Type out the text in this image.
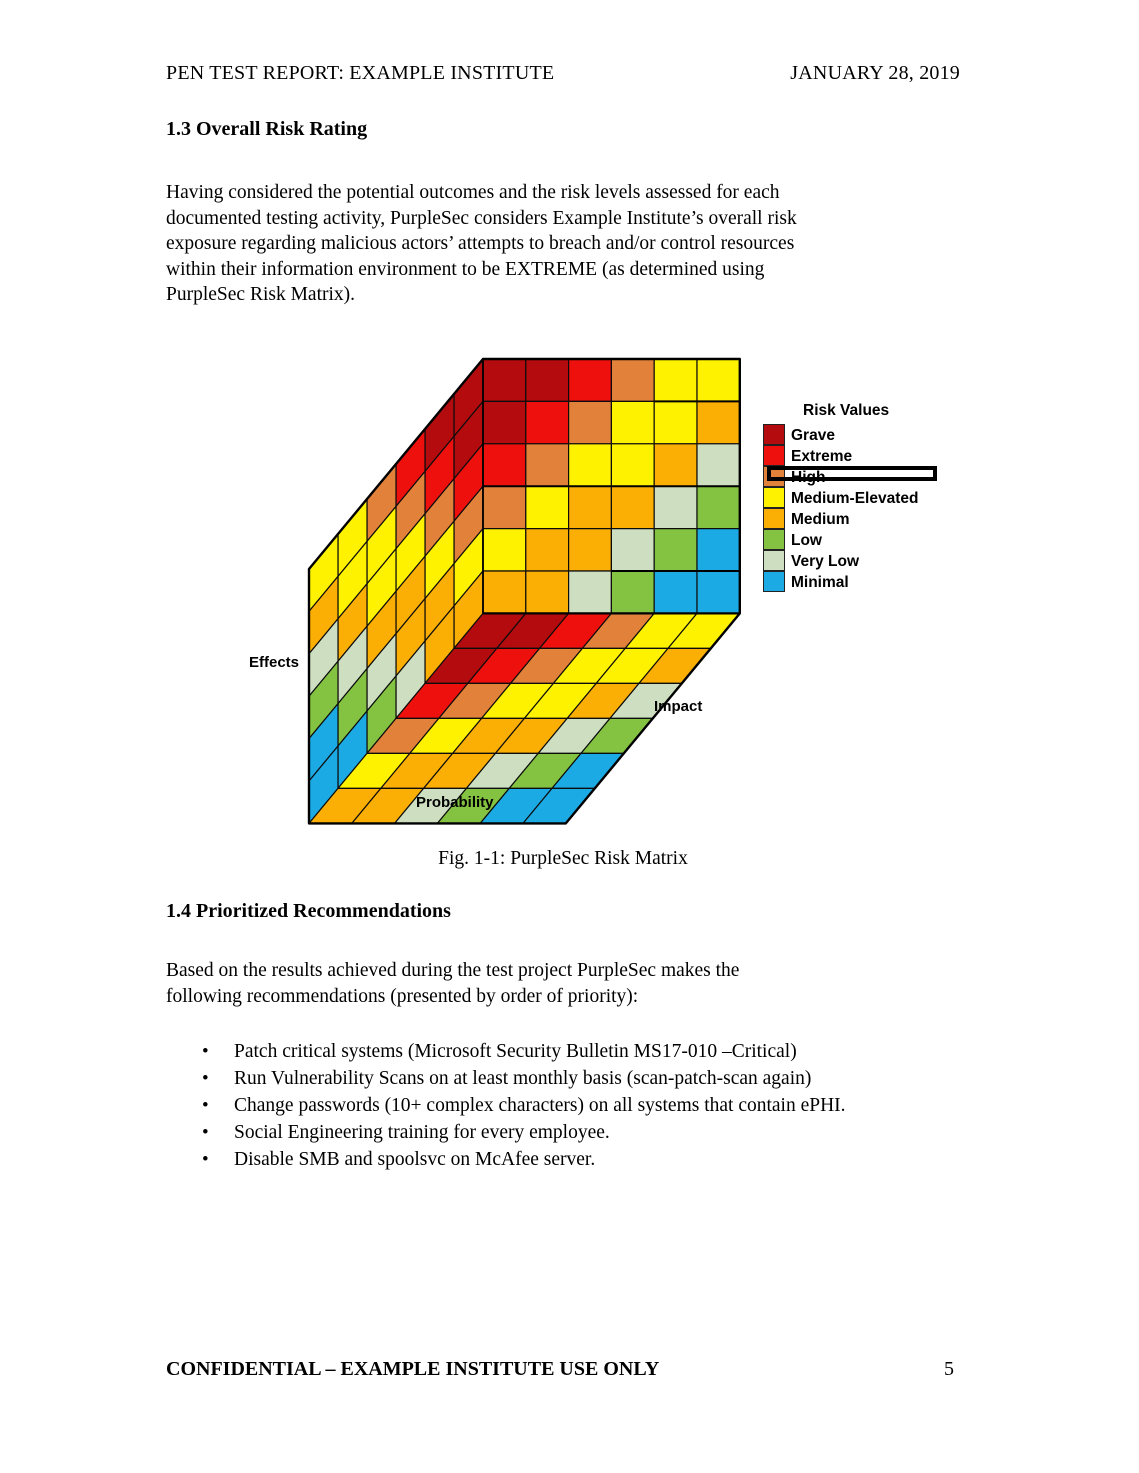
PEN TEST REPORT: EXAMPLE INSTITUTE	JANUARY 28, 2019
1.3 Overall Risk Rating
Having considered the potential outcomes and the risk levels assessed for each
documented testing activity, PurpleSec considers Example Institute’s overall risk
exposure regarding malicious actors’ attempts to breach and/or control resources
within their information environment to be EXTREME (as determined using
PurpleSec Risk Matrix).
Effects
Impact
Probability
Risk Values
Grave
Extreme
High
Medium-Elevated
Medium
Low
Very Low
Minimal
Fig. 1-1: PurpleSec Risk Matrix
1.4 Prioritized Recommendations
Based on the results achieved during the test project PurpleSec makes the
following recommendations (presented by order of priority):
• Patch critical systems (Microsoft Security Bulletin MS17-010 –Critical)
• Run Vulnerability Scans on at least monthly basis (scan-patch-scan again)
• Change passwords (10+ complex characters) on all systems that contain ePHI.
• Social Engineering training for every employee.
• Disable SMB and spoolsvc on McAfee server.
CONFIDENTIAL – EXAMPLE INSTITUTE USE ONLY	5
